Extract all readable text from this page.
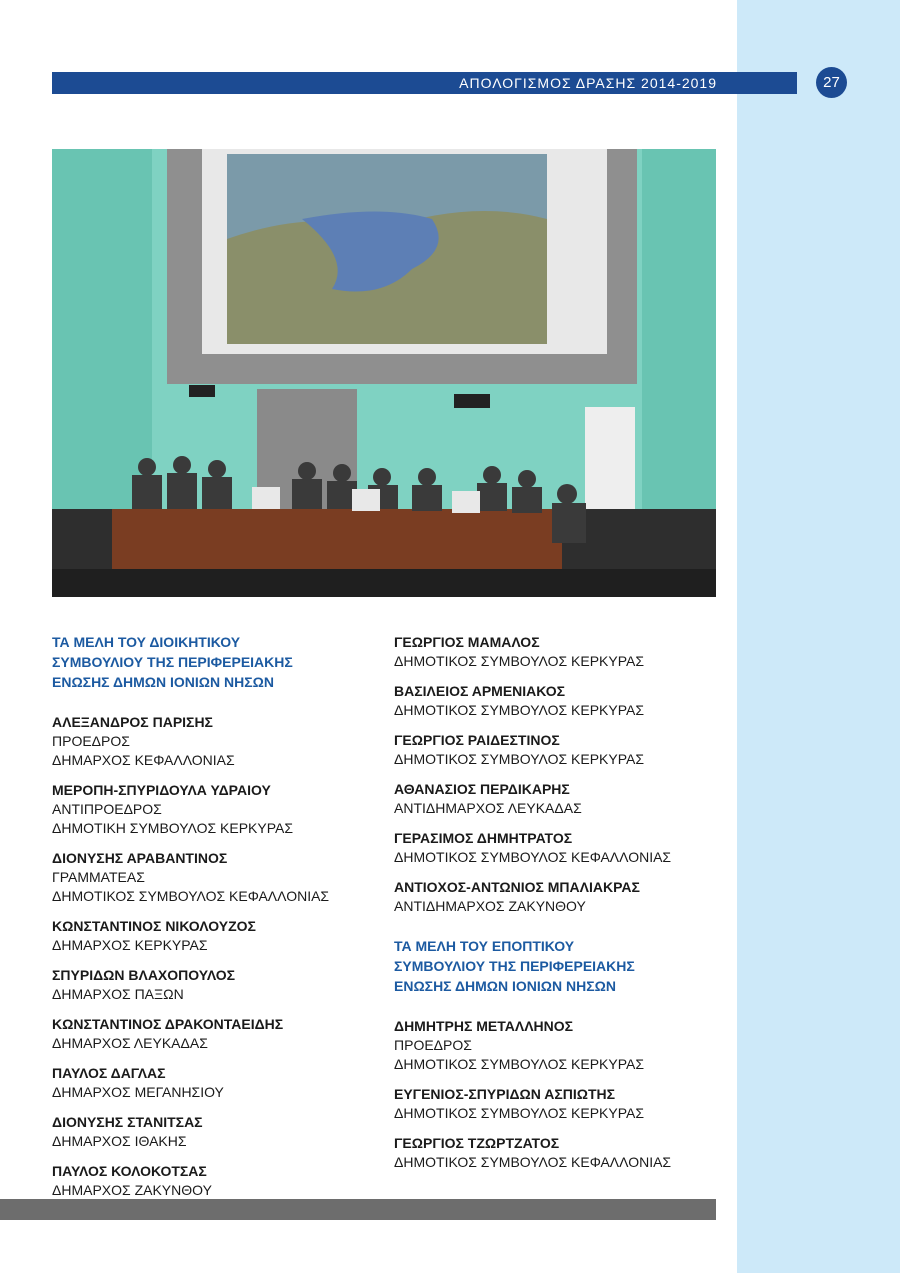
ΑΠΟΛΟΓΙΣΜΟΣ ΔΡΑΣΗΣ 2014-2019	27
ΤΑ ΜΕΛΗ ΤΟΥ ΔΙΟΙΚΗΤΙΚΟΥ
ΣΥΜΒΟΥΛΙΟΥ ΤΗΣ ΠΕΡΙΦΕΡΕΙΑΚΗΣ
ΕΝΩΣΗΣ ΔΗΜΩΝ ΙΟΝΙΩΝ ΝΗΣΩΝ
ΑΛΕΞΑΝΔΡΟΣ ΠΑΡΙΣΗΣ
ΠΡΟΕΔΡΟΣ
ΔΗΜΑΡΧΟΣ ΚΕΦΑΛΛΟΝΙΑΣ
ΜΕΡΟΠΗ-ΣΠΥΡΙΔΟΥΛΑ ΥΔΡΑΙΟΥ
ΑΝΤΙΠΡΟΕΔΡΟΣ
ΔΗΜΟΤΙΚΗ ΣΥΜΒΟΥΛΟΣ ΚΕΡΚΥΡΑΣ
ΔΙΟΝΥΣΗΣ ΑΡΑΒΑΝΤΙΝΟΣ
ΓΡΑΜΜΑΤΕΑΣ
ΔΗΜΟΤΙΚΟΣ ΣΥΜΒΟΥΛΟΣ ΚΕΦΑΛΛΟΝΙΑΣ
ΚΩΝΣΤΑΝΤΙΝΟΣ ΝΙΚΟΛΟΥΖΟΣ
ΔΗΜΑΡΧΟΣ ΚΕΡΚΥΡΑΣ
ΣΠΥΡΙΔΩΝ ΒΛΑΧΟΠΟΥΛΟΣ
ΔΗΜΑΡΧΟΣ ΠΑΞΩΝ
ΚΩΝΣΤΑΝΤΙΝΟΣ ΔΡΑΚΟΝΤΑΕΙΔΗΣ
ΔΗΜΑΡΧΟΣ ΛΕΥΚΑΔΑΣ
ΠΑΥΛΟΣ ΔΑΓΛΑΣ
ΔΗΜΑΡΧΟΣ ΜΕΓΑΝΗΣΙΟΥ
ΔΙΟΝΥΣΗΣ ΣΤΑΝΙΤΣΑΣ
ΔΗΜΑΡΧΟΣ ΙΘΑΚΗΣ
ΠΑΥΛΟΣ ΚΟΛΟΚΟΤΣΑΣ
ΔΗΜΑΡΧΟΣ ΖΑΚΥΝΘΟΥ
ΓΕΩΡΓΙΟΣ ΜΑΜΑΛΟΣ
ΔΗΜΟΤΙΚΟΣ ΣΥΜΒΟΥΛΟΣ ΚΕΡΚΥΡΑΣ
ΒΑΣΙΛΕΙΟΣ ΑΡΜΕΝΙΑΚΟΣ
ΔΗΜΟΤΙΚΟΣ ΣΥΜΒΟΥΛΟΣ ΚΕΡΚΥΡΑΣ
ΓΕΩΡΓΙΟΣ ΡΑΙΔΕΣΤΙΝΟΣ
ΔΗΜΟΤΙΚΟΣ ΣΥΜΒΟΥΛΟΣ ΚΕΡΚΥΡΑΣ
ΑΘΑΝΑΣΙΟΣ ΠΕΡΔΙΚΑΡΗΣ
ΑΝΤΙΔΗΜΑΡΧΟΣ ΛΕΥΚΑΔΑΣ
ΓΕΡΑΣΙΜΟΣ ΔΗΜΗΤΡΑΤΟΣ
ΔΗΜΟΤΙΚΟΣ ΣΥΜΒΟΥΛΟΣ ΚΕΦΑΛΛΟΝΙΑΣ
ΑΝΤΙΟΧΟΣ-ΑΝΤΩΝΙΟΣ ΜΠΑΛΙΑΚΡΑΣ
ΑΝΤΙΔΗΜΑΡΧΟΣ ΖΑΚΥΝΘΟΥ
ΤΑ ΜΕΛΗ ΤΟΥ ΕΠΟΠΤΙΚΟΥ
ΣΥΜΒΟΥΛΙΟΥ ΤΗΣ ΠΕΡΙΦΕΡΕΙΑΚΗΣ
ΕΝΩΣΗΣ ΔΗΜΩΝ ΙΟΝΙΩΝ ΝΗΣΩΝ
ΔΗΜΗΤΡΗΣ ΜΕΤΑΛΛΗΝΟΣ
ΠΡΟΕΔΡΟΣ
ΔΗΜΟΤΙΚΟΣ ΣΥΜΒΟΥΛΟΣ ΚΕΡΚΥΡΑΣ
ΕΥΓΕΝΙΟΣ-ΣΠΥΡΙΔΩΝ ΑΣΠΙΩΤΗΣ
ΔΗΜΟΤΙΚΟΣ ΣΥΜΒΟΥΛΟΣ ΚΕΡΚΥΡΑΣ
ΓΕΩΡΓΙΟΣ ΤΖΩΡΤΖΑΤΟΣ
ΔΗΜΟΤΙΚΟΣ ΣΥΜΒΟΥΛΟΣ ΚΕΦΑΛΛΟΝΙΑΣ
